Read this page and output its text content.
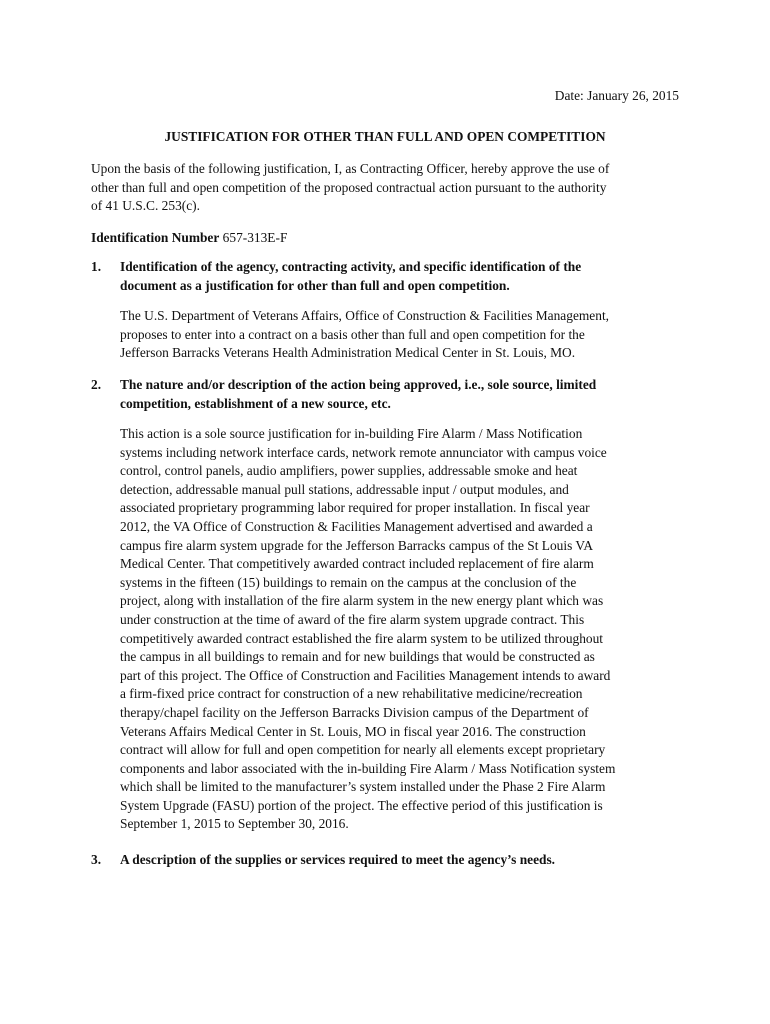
Date: January 26, 2015
JUSTIFICATION FOR OTHER THAN FULL AND OPEN COMPETITION
Upon the basis of the following justification, I, as Contracting Officer, hereby approve the use of
other than full and open competition of the proposed contractual action pursuant to the authority
of 41 U.S.C. 253(c).
Identification Number 657-313E-F
1. Identification of the agency, contracting activity, and specific identification of the
document as a justification for other than full and open competition.
The U.S. Department of Veterans Affairs, Office of Construction & Facilities Management,
proposes to enter into a contract on a basis other than full and open competition for the
Jefferson Barracks Veterans Health Administration Medical Center in St. Louis, MO.
2. The nature and/or description of the action being approved, i.e., sole source, limited
competition, establishment of a new source, etc.
This action is a sole source justification for in-building Fire Alarm / Mass Notification
systems including network interface cards, network remote annunciator with campus voice
control, control panels, audio amplifiers, power supplies, addressable smoke and heat
detection, addressable manual pull stations, addressable input / output modules, and
associated proprietary programming labor required for proper installation. In fiscal year
2012, the VA Office of Construction & Facilities Management advertised and awarded a
campus fire alarm system upgrade for the Jefferson Barracks campus of the St Louis VA
Medical Center. That competitively awarded contract included replacement of fire alarm
systems in the fifteen (15) buildings to remain on the campus at the conclusion of the
project, along with installation of the fire alarm system in the new energy plant which was
under construction at the time of award of the fire alarm system upgrade contract. This
competitively awarded contract established the fire alarm system to be utilized throughout
the campus in all buildings to remain and for new buildings that would be constructed as
part of this project. The Office of Construction and Facilities Management intends to award
a firm-fixed price contract for construction of a new rehabilitative medicine/recreation
therapy/chapel facility on the Jefferson Barracks Division campus of the Department of
Veterans Affairs Medical Center in St. Louis, MO in fiscal year 2016. The construction
contract will allow for full and open competition for nearly all elements except proprietary
components and labor associated with the in-building Fire Alarm / Mass Notification system
which shall be limited to the manufacturer’s system installed under the Phase 2 Fire Alarm
System Upgrade (FASU) portion of the project. The effective period of this justification is
September 1, 2015 to September 30, 2016.
3. A description of the supplies or services required to meet the agency’s needs.
